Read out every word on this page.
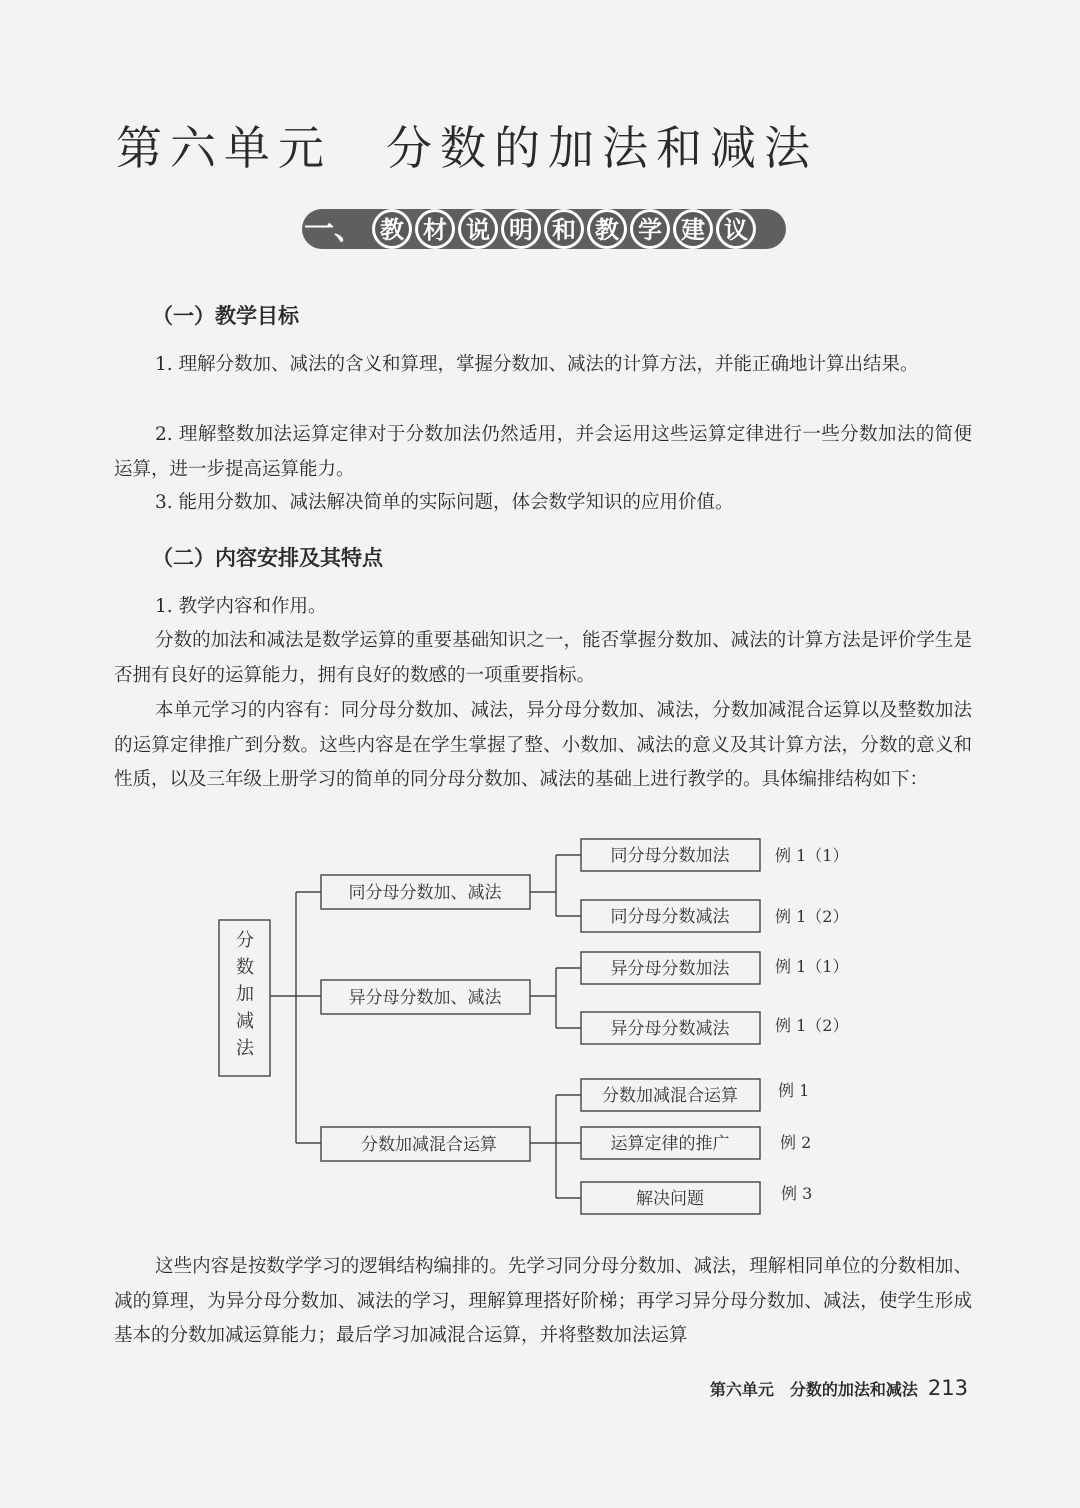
第六单元　分数的加法和减法
一、 教 材 说 明 和 教 学 建 议
（一）教学目标

1. 理解分数加、减法的含义和算理，掌握分数加、减法的计算方法，并能正确地计算出结果。

2. 理解整数加法运算定律对于分数加法仍然适用，并会运用这些运算定律进行一些分数加法的简便运算，进一步提高运算能力。

3. 能用分数加、减法解决简单的实际问题，体会数学知识的应用价值。

（二）内容安排及其特点

1. 教学内容和作用。

分数的加法和减法是数学运算的重要基础知识之一，能否掌握分数加、减法的计算方法是评价学生是否拥有良好的运算能力，拥有良好的数感的一项重要指标。

本单元学习的内容有：同分母分数加、减法，异分母分数加、减法，分数加减混合运算以及整数加法的运算定律推广到分数。这些内容是在学生掌握了整、小数加、减法的意义及其计算方法，分数的意义和性质，以及三年级上册学习的简单的同分母分数加、减法的基础上进行教学的。具体编排结构如下：

分
数
加
减
法
同分母分数加、减法
异分母分数加、减法
分数加减混合运算
同分母分数加法
同分母分数减法
异分母分数加法
异分母分数减法
分数加减混合运算
运算定律的推广
解决问题
例 1（1）
例 1（2）
例 1（1）
例 1（2）
例 1
例 2
例 3

这些内容是按数学学习的逻辑结构编排的。先学习同分母分数加、减法，理解相同单位的分数相加、减的算理，为异分母分数加、减法的学习，理解算理搭好阶梯；再学习异分母分数加、减法，使学生形成基本的分数加减运算能力；最后学习加减混合运算，并将整数加法运算

第六单元　分数的加法和减法 213
